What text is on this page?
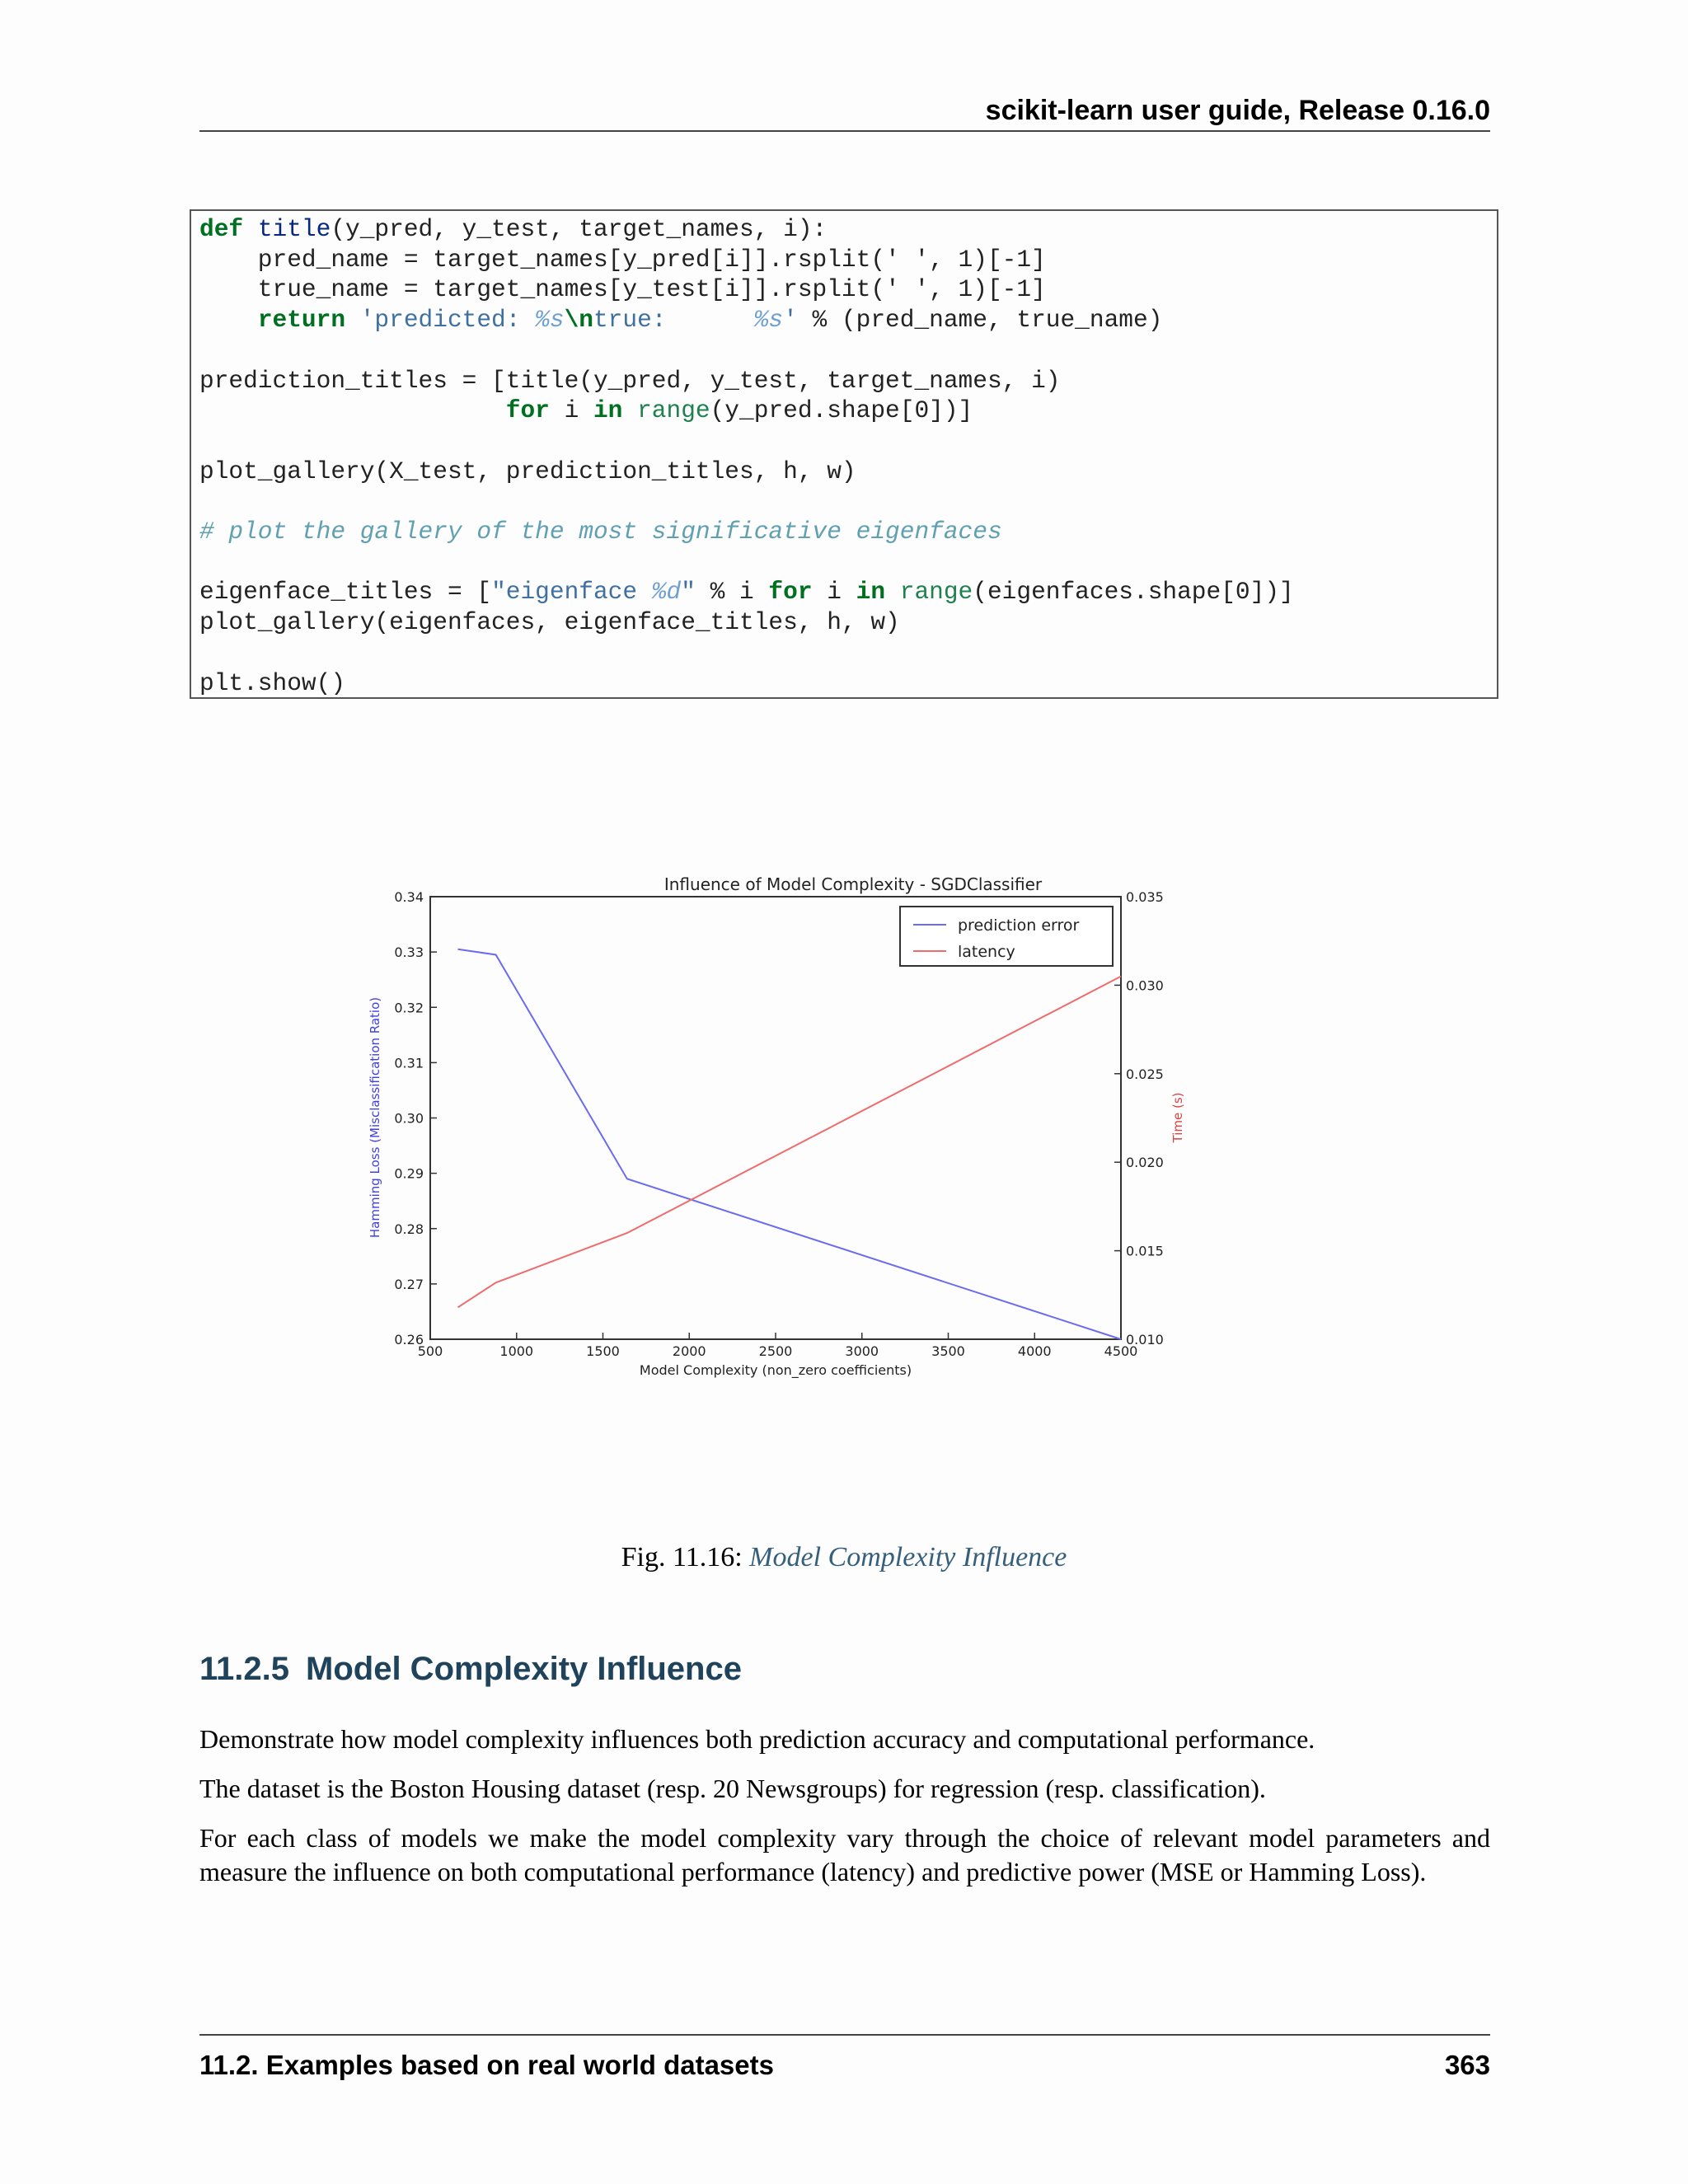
scikit-learn user guide, Release 0.16.0
def title(y_pred, y_test, target_names, i):
pred_name = target_names[y_pred[i]].rsplit(' ', 1)[-1]
true_name = target_names[y_test[i]].rsplit(' ', 1)[-1]
return 'predicted: %s\ntrue:      %s' % (pred_name, true_name)

prediction_titles = [title(y_pred, y_test, target_names, i)
for i in range(y_pred.shape[0])]

plot_gallery(X_test, prediction_titles, h, w)

# plot the gallery of the most significative eigenfaces

eigenface_titles = ["eigenface %d" % i for i in range(eigenfaces.shape[0])]
plot_gallery(eigenfaces, eigenface_titles, h, w)

plt.show()
Influence of Model Complexity - SGDClassifier
0.26
0.27
0.28
0.29
0.30
0.31
0.32
0.33
0.34
0.010
0.015
0.020
0.025
0.030
0.035
500	1000	1500	2000	2500	3000	3500	4000	4500
Model Complexity (non_zero coefficients)
Hamming Loss (Misclassification Ratio)	Time (s)
prediction error
latency
Fig. 11.16: Model Complexity Influence
11.2.5 Model Complexity Influence

Demonstrate how model complexity influences both prediction accuracy and computational performance.

The dataset is the Boston Housing dataset (resp. 20 Newsgroups) for regression (resp. classification).

For each class of models we make the model complexity vary through the choice of relevant model parameters and measure the influence on both computational performance (latency) and predictive power (MSE or Hamming Loss).

11.2. Examples based on real world datasets	363
